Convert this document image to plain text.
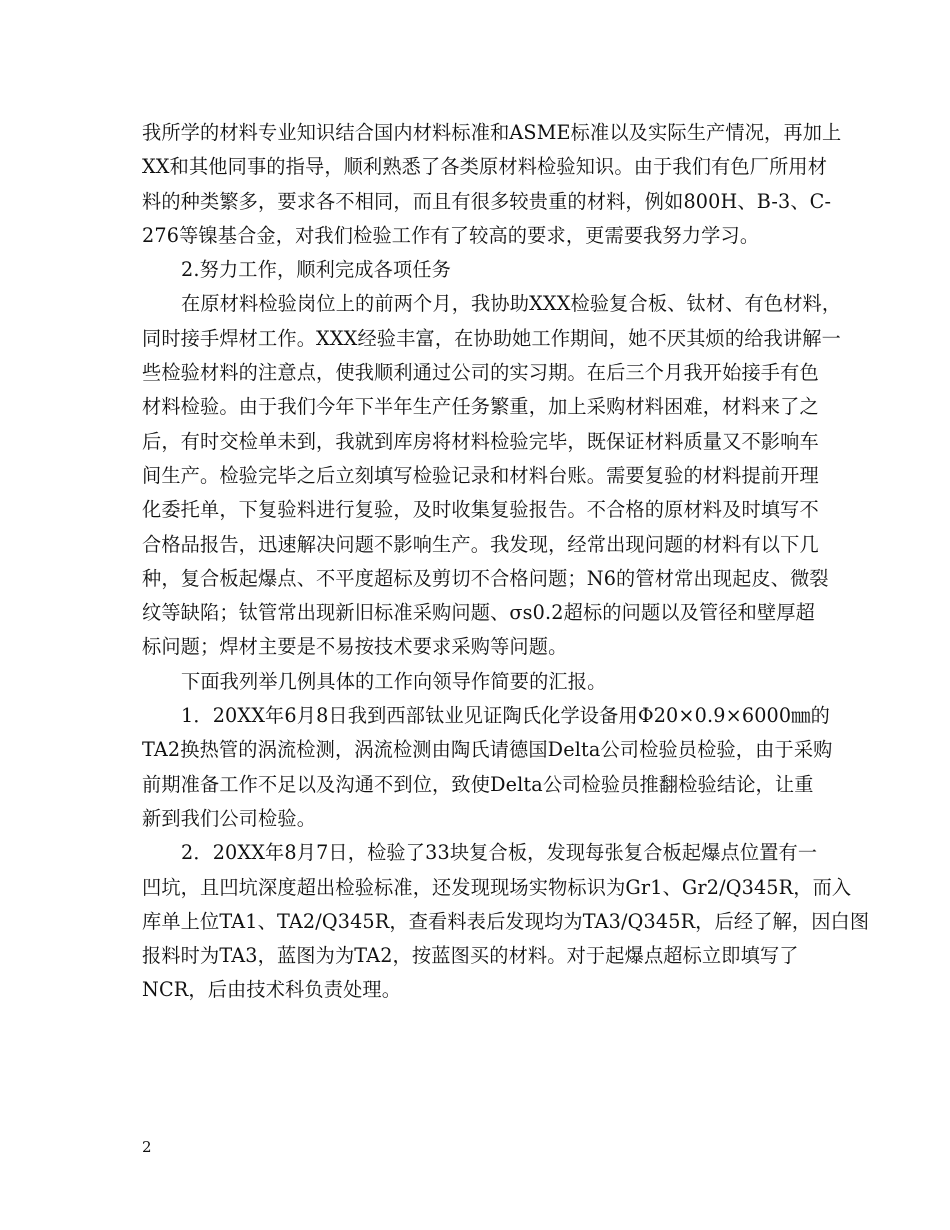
我所学的材料专业知识结合国内材料标准和ASME标准以及实际生产情况，再加上
XX和其他同事的指导，顺利熟悉了各类原材料检验知识。由于我们有色厂所用材
料的种类繁多，要求各不相同，而且有很多较贵重的材料，例如800H、B-3、C-
276等镍基合金，对我们检验工作有了较高的要求，更需要我努力学习。
2.努力工作，顺利完成各项任务
在原材料检验岗位上的前两个月，我协助XXX检验复合板、钛材、有色材料，
同时接手焊材工作。XXX经验丰富，在协助她工作期间，她不厌其烦的给我讲解一
些检验材料的注意点，使我顺利通过公司的实习期。在后三个月我开始接手有色
材料检验。由于我们今年下半年生产任务繁重，加上采购材料困难，材料来了之
后，有时交检单未到，我就到库房将材料检验完毕，既保证材料质量又不影响车
间生产。检验完毕之后立刻填写检验记录和材料台账。需要复验的材料提前开理
化委托单，下复验料进行复验，及时收集复验报告。不合格的原材料及时填写不
合格品报告，迅速解决问题不影响生产。我发现，经常出现问题的材料有以下几
种，复合板起爆点、不平度超标及剪切不合格问题；N6的管材常出现起皮、微裂
纹等缺陷；钛管常出现新旧标准采购问题、σs0.2超标的问题以及管径和壁厚超
标问题；焊材主要是不易按技术要求采购等问题。
下面我列举几例具体的工作向领导作简要的汇报。
1．20XX年6月8日我到西部钛业见证陶氏化学设备用Φ20×0.9×6000㎜的
TA2换热管的涡流检测，涡流检测由陶氏请德国Delta公司检验员检验，由于采购
前期准备工作不足以及沟通不到位，致使Delta公司检验员推翻检验结论，让重
新到我们公司检验。
2．20XX年8月7日，检验了33块复合板，发现每张复合板起爆点位置有一
凹坑，且凹坑深度超出检验标准，还发现现场实物标识为Gr1、Gr2/Q345R，而入
库单上位TA1、TA2/Q345R，查看料表后发现均为TA3/Q345R，后经了解，因白图
报料时为TA3，蓝图为为TA2，按蓝图买的材料。对于起爆点超标立即填写了
NCR，后由技术科负责处理。
2
